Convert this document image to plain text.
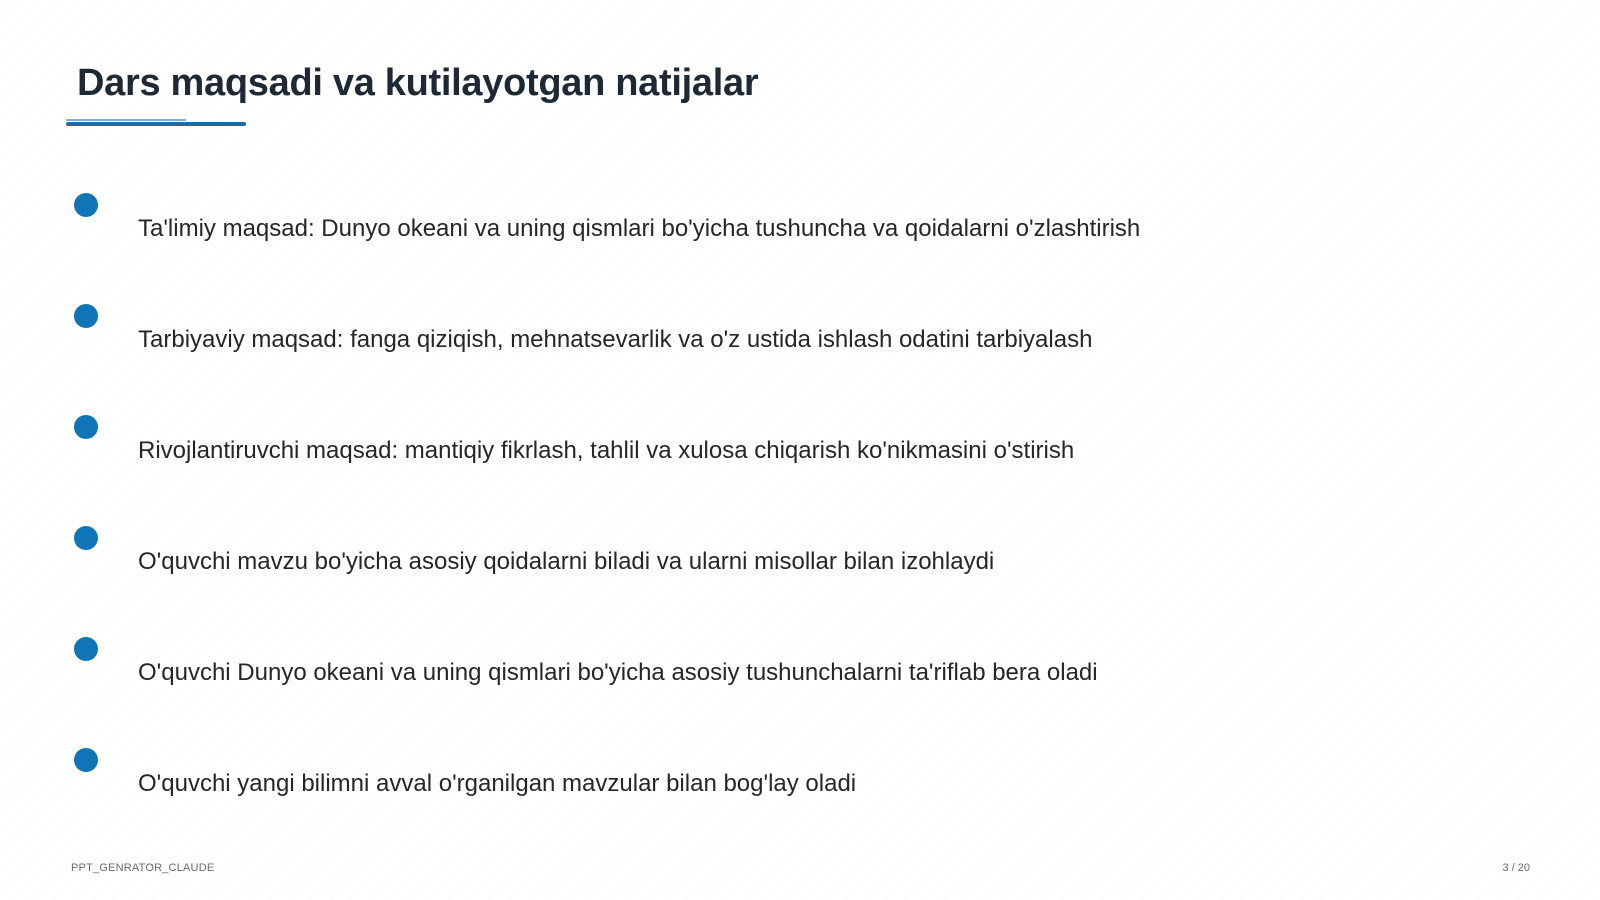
Dars maqsadi va kutilayotgan natijalar
Ta'limiy maqsad: Dunyo okeani va uning qismlari bo'yicha tushuncha va qoidalarni o'zlashtirish
Tarbiyaviy maqsad: fanga qiziqish, mehnatsevarlik va o'z ustida ishlash odatini tarbiyalash
Rivojlantiruvchi maqsad: mantiqiy fikrlash, tahlil va xulosa chiqarish ko'nikmasini o'stirish
O'quvchi mavzu bo'yicha asosiy qoidalarni biladi va ularni misollar bilan izohlaydi
O'quvchi Dunyo okeani va uning qismlari bo'yicha asosiy tushunchalarni ta'riflab bera oladi
O'quvchi yangi bilimni avval o'rganilgan mavzular bilan bog'lay oladi
PPT_GENRATOR_CLAUDE	3 / 20
